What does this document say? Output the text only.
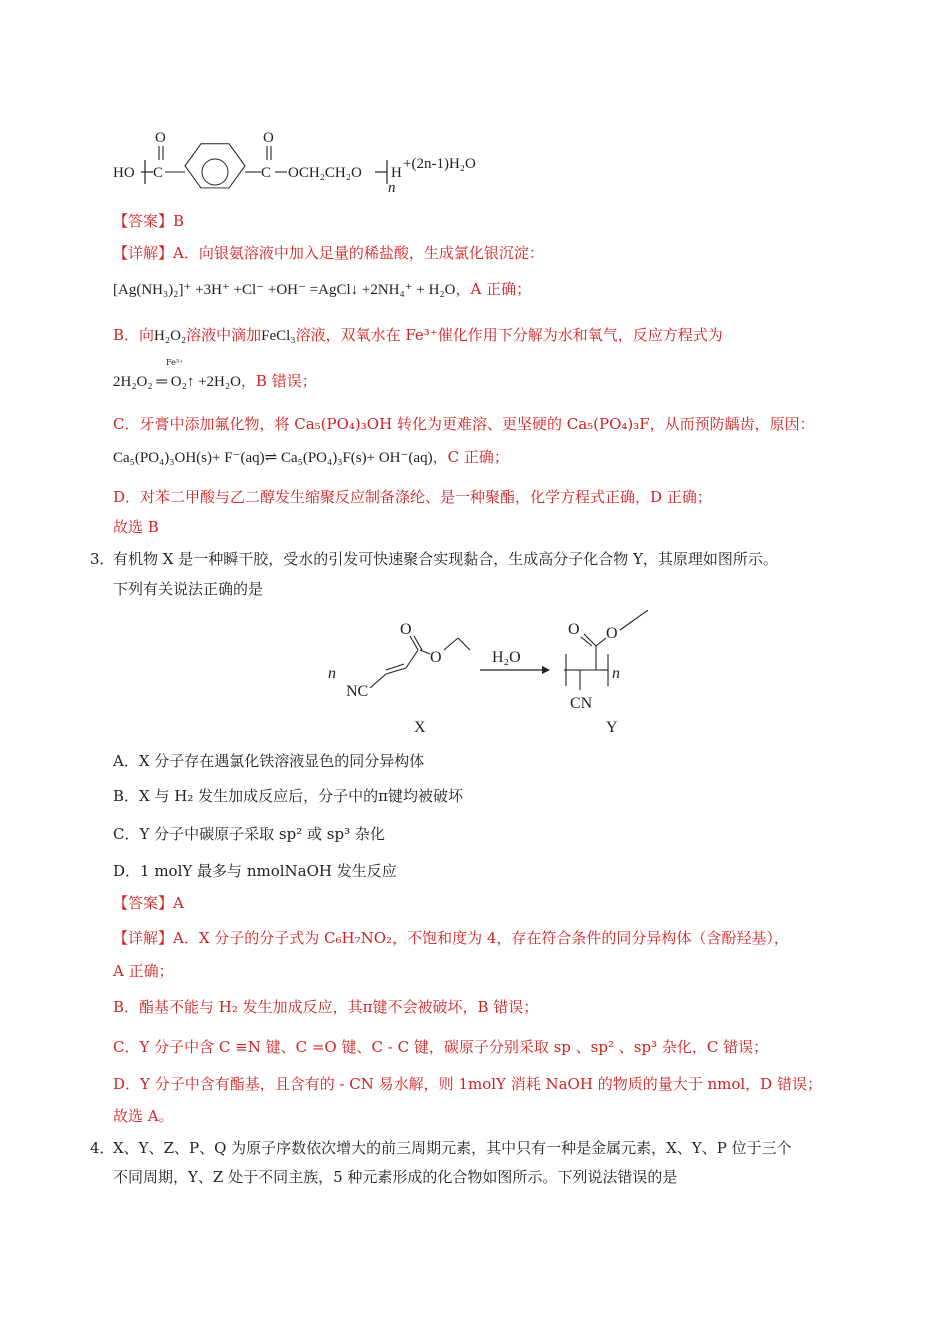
HO C
O
C
O
OCH₂CH₂O
n
H
+(2n-1)H₂O
【答案】B
【详解】A．向银氨溶液中加入足量的稀盐酸，生成氯化银沉淀：
[Ag(NH₃)₂]⁺ +3H⁺ +Cl⁻ +OH⁻ =AgCl↓ +2NH₄⁺ + H₂O，A 正确；
B．向H₂O₂溶液中滴加FeCl₃溶液，双氧水在 Fe³⁺催化作用下分解为水和氧气，反应方程式为
Fe³⁺
2H₂O₂ ═ O₂↑ +2H₂O，B 错误；
C．牙膏中添加氟化物，将 Ca₅(PO₄)₃OH 转化为更难溶、更坚硬的 Ca₅(PO₄)₃F，从而预防龋齿，原因：
Ca₅(PO₄)₃OH(s)+ F⁻(aq)⇌ Ca₅(PO₄)₃F(s)+ OH⁻(aq)，C 正确；
D．对苯二甲酸与乙二醇发生缩聚反应制备涤纶、是一种聚酯，化学方程式正确，D 正确；
故选 B
3．
有机物 X 是一种瞬干胶，受水的引发可快速聚合实现黏合，生成高分子化合物 Y，其原理如图所示。
下列有关说法正确的是
n
NC
O
O
X
H₂O
CN
O O
n
Y
A．X 分子存在遇氯化铁溶液显色的同分异构体
B．X 与 H₂ 发生加成反应后，分子中的π键均被破坏
C．Y 分子中碳原子采取 sp² 或 sp³ 杂化
D．1 molY 最多与 nmolNaOH 发生反应
【答案】A
【详解】A．X 分子的分子式为 C₆H₇NO₂，不饱和度为 4，存在符合条件的同分异构体（含酚羟基），
A 正确；
B．酯基不能与 H₂ 发生加成反应，其π键不会被破坏，B 错误；
C．Y 分子中含 C ≡N 键、C =O 键、C - C 键，碳原子分别采取 sp 、sp² 、sp³ 杂化，C 错误；
D．Y 分子中含有酯基，且含有的 - CN 易水解，则 1molY 消耗 NaOH 的物质的量大于 nmol，D 错误；
故选 A。
4．
X、Y、Z、P、Q 为原子序数依次增大的前三周期元素，其中只有一种是金属元素，X、Y、P 位于三个
不同周期，Y、Z 处于不同主族，5 种元素形成的化合物如图所示。下列说法错误的是
